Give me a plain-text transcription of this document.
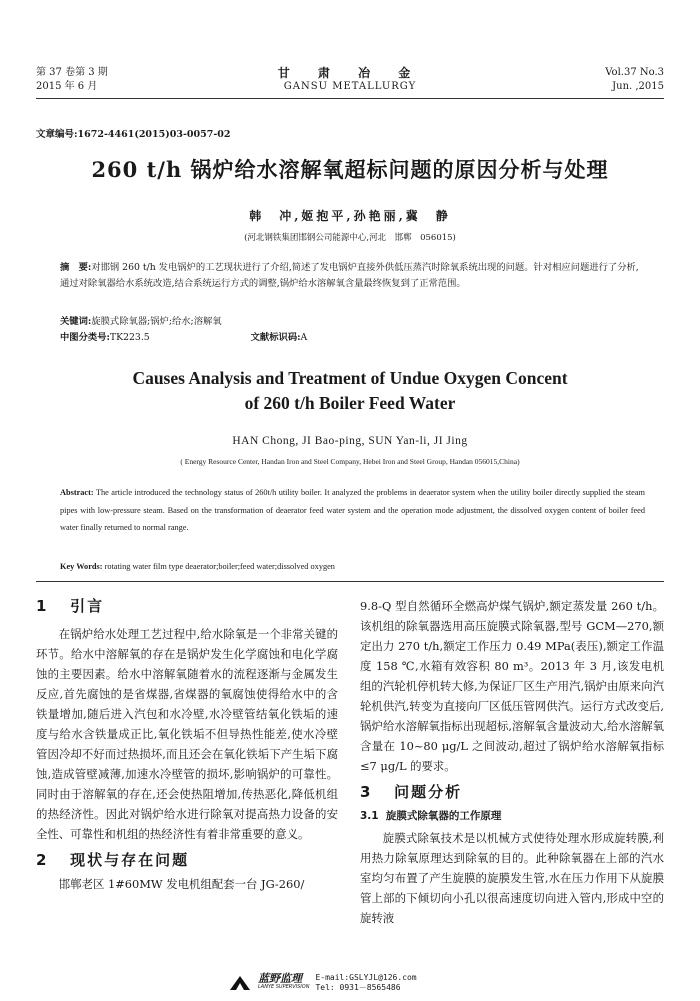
第 37 卷第 3 期
2015 年 6 月
甘 肃 冶 金
GANSU METALLURGY
Vol.37 No.3
Jun. ,2015
文章编号:1672-4461(2015)03-0057-02
260 t/h 锅炉给水溶解氧超标问题的原因分析与处理
韩　冲,姬抱平,孙艳丽,冀　静
(河北钢铁集团邯钢公司能源中心,河北　邯郸　056015)
摘　要:对邯钢 260 t/h 发电锅炉的工艺现状进行了介绍,简述了发电锅炉直接外供低压蒸汽时除氧系统出现的问题。针对相应问题进行了分析,通过对除氧器给水系统改造,结合系统运行方式的调整,锅炉给水溶解氧含量最终恢复到了正常范围。
关键词:旋膜式除氧器;锅炉;给水;溶解氧
中图分类号:TK223.5	文献标识码:A
Causes Analysis and Treatment of Undue Oxygen Concent
of 260 t/h Boiler Feed Water
HAN Chong, JI Bao-ping, SUN Yan-li, JI Jing
( Energy Resource Center, Handan Iron and Steel Company, Hebei Iron and Steel Group, Handan 056015,China)
Abstract: The article introduced the technology status of 260t/h utility boiler. It analyzed the problems in deaerator system when the utility boiler directly supplied the steam pipes with low-pressure steam. Based on the transformation of deaerator feed water system and the operation mode adjustment, the dissolved oxygen content of boiler feed water finally returned to normal range.
Key Words: rotating water film type deaerator;boiler;feed water;dissolved oxygen
1 引言

在锅炉给水处理工艺过程中,给水除氧是一个非常关键的环节。给水中溶解氧的存在是锅炉发生化学腐蚀和电化学腐蚀的主要因素。给水中溶解氧随着水的流程逐渐与金属发生反应,首先腐蚀的是省煤器,省煤器的氧腐蚀使得给水中的含铁量增加,随后进入汽包和水冷壁,水冷壁管结氧化铁垢的速度与给水含铁量成正比,氧化铁垢不但导热性能差,使水冷壁管因冷却不好而过热损坏,而且还会在氧化铁垢下产生垢下腐蚀,造成管壁减薄,加速水冷壁管的损坏,影响锅炉的可靠性。同时由于溶解氧的存在,还会使热阻增加,传热恶化,降低机组的热经济性。因此对锅炉给水进行除氧对提高热力设备的安全性、可靠性和机组的热经济性有着非常重要的意义。

2 现状与存在问题

邯郸老区 1#60MW 发电机组配套一台 JG-260/

9.8-Q 型自然循环全燃高炉煤气锅炉,额定蒸发量 260 t/h。该机组的除氧器选用高压旋膜式除氧器,型号 GCM—270,额定出力 270 t/h,额定工作压力 0.49 MPa(表压),额定工作温度 158 ℃,水箱有效容积 80 m³。2013 年 3 月,该发电机组的汽轮机停机转大修,为保证厂区生产用汽,锅炉由原来向汽轮机供汽,转变为直接向厂区低压管网供汽。运行方式改变后,锅炉给水溶解氧指标出现超标,溶解氧含量波动大,给水溶解氧含量在 10~80 μg/L 之间波动,超过了锅炉给水溶解氧指标≤7 μg/L 的要求。

3 问题分析
3.1 旋膜式除氧器的工作原理

旋膜式除氧技术是以机械方式使待处理水形成旋转膜,利用热力除氧原理达到除氧的目的。此种除氧器在上部的汽水室均匀布置了产生旋膜的旋膜发生管,水在压力作用下从旋膜管上部的下倾切向小孔以很高速度切向进入管内,形成中空的旋转液

蓝野监理
LANYE SUPERVISION
E-mail:GSLYJL@126.com
Tel: 0931－8565486
